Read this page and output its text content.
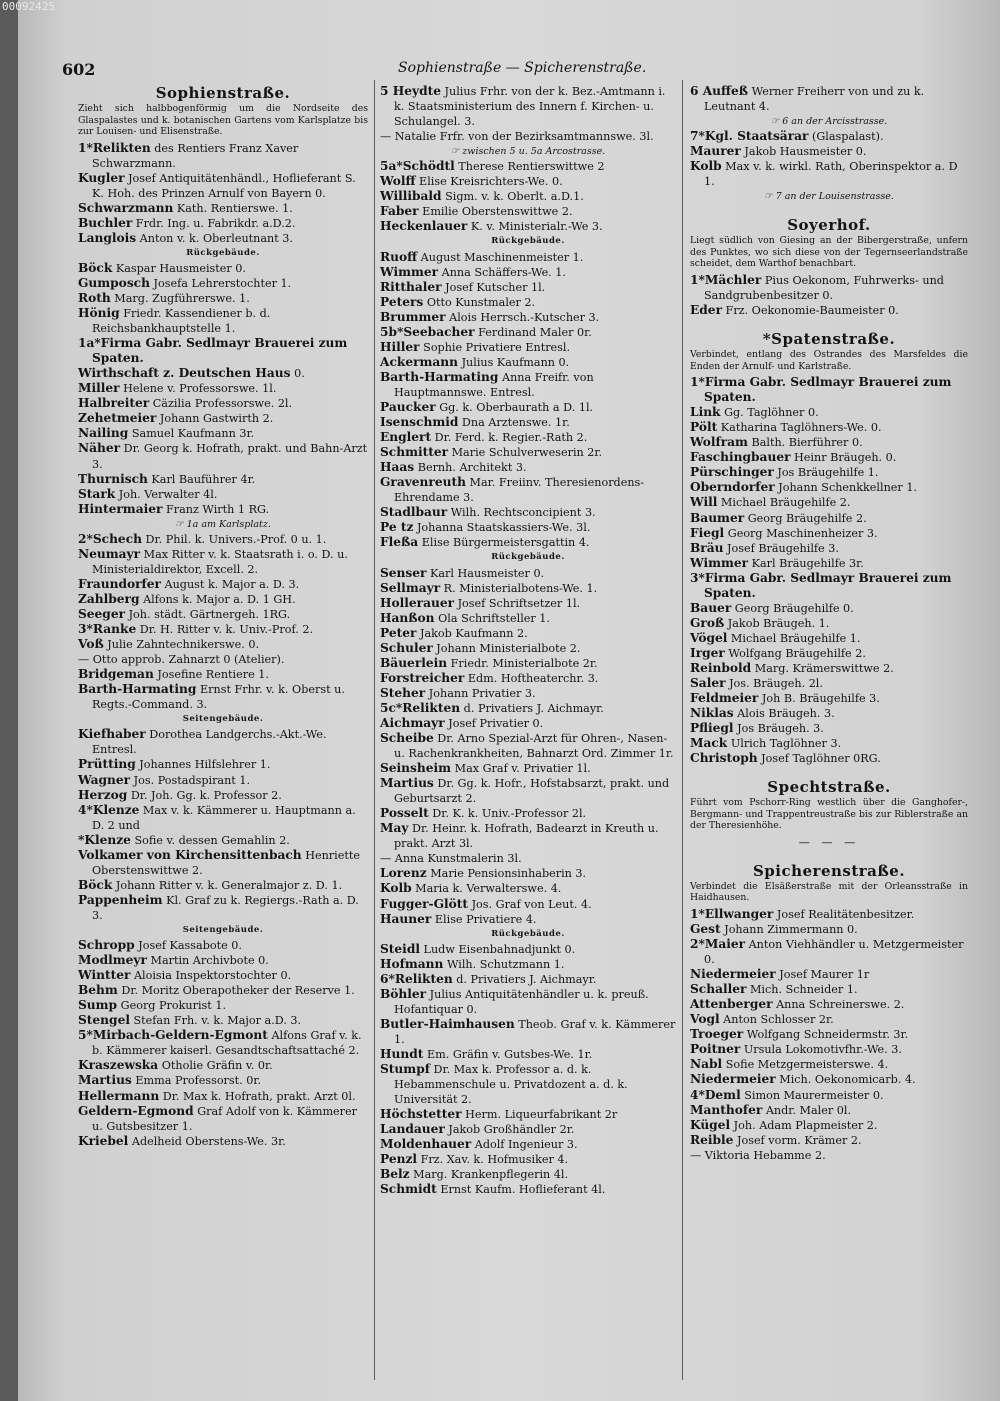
602	Sophienstraße — Spicherenstraße.
Sophienstraße.
Zieht sich halbbogenförmig um die Nordseite des Glaspalastes und k. botanischen Gartens vom Karlsplatze bis zur Louisen- und Elisenstraße.
1*Relikten des Rentiers Franz Xaver Schwarzmann.
Kugler Josef Antiquitätenhändl., Hoflieferant S. K. Hoh. des Prinzen Arnulf von Bayern 0.
Schwarzmann Kath. Rentierswe. 1.
Buchler Frdr. Ing. u. Fabrikdr. a.D.2.
Langlois Anton v. k. Oberleutnant 3.
Rückgebäude.
Böck Kaspar Hausmeister 0.
Gumposch Josefa Lehrerstochter 1.
Roth Marg. Zugführerswe. 1.
Hönig Friedr. Kassendiener b. d. Reichsbankhauptstelle 1.
1a*Firma Gabr. Sedlmayr Brauerei zum Spaten.
Wirthschaft z. Deutschen Haus 0.
Miller Helene v. Professorswe. 1l.
Halbreiter Cäzilia Professorswe. 2l.
Zehetmeier Johann Gastwirth 2.
Nailing Samuel Kaufmann 3r.
Näher Dr. Georg k. Hofrath, prakt. und Bahn-Arzt 3.
Thurnisch Karl Bauführer 4r.
Stark Joh. Verwalter 4l.
Hintermaier Franz Wirth 1 RG.
☞ 1a am Karlsplatz.
2*Schech Dr. Phil. k. Univers.-Prof. 0 u. 1.
Neumayr Max Ritter v. k. Staatsrath i. o. D. u. Ministerialdirektor, Excell. 2.
Fraundorfer August k. Major a. D. 3.
Zahlberg Alfons k. Major a. D. 1 GH.
Seeger Joh. städt. Gärtnergeh. 1RG.
3*Ranke Dr. H. Ritter v. k. Univ.-Prof. 2.
Voß Julie Zahntechnikerswe. 0.
— Otto approb. Zahnarzt 0 (Atelier).
Bridgeman Josefine Rentiere 1.
Barth-Harmating Ernst Frhr. v. k. Oberst u. Regts.-Command. 3.
Seitengebäude.
Kiefhaber Dorothea Landgerchs.-Akt.-We. Entresl.
Prütting Johannes Hilfslehrer 1.
Wagner Jos. Postadspirant 1.
Herzog Dr. Joh. Gg. k. Professor 2.
4*Klenze Max v. k. Kämmerer u. Hauptmann a. D. 2 und
*Klenze Sofie v. dessen Gemahlin 2.
Volkamer von Kirchensittenbach Henriette Oberstenswittwe 2.
Böck Johann Ritter v. k. Generalmajor z. D. 1.
Pappenheim Kl. Graf zu k. Regiergs.-Rath a. D. 3.
Seitengebäude.
Schropp Josef Kassabote 0.
Modlmeyr Martin Archivbote 0.
Wintter Aloisia Inspektorstochter 0.
Behm Dr. Moritz Oberapotheker der Reserve 1.
Sump Georg Prokurist 1.
Stengel Stefan Frh. v. k. Major a.D. 3.
5*Mirbach-Geldern-Egmont Alfons Graf v. k. b. Kämmerer kaiserl. Gesandtschaftsattaché 2.
Kraszewska Otholie Gräfin v. 0r.
Martius Emma Professorst. 0r.
Hellermann Dr. Max k. Hofrath, prakt. Arzt 0l.
Geldern-Egmond Graf Adolf von k. Kämmerer u. Gutsbesitzer 1.
Kriebel Adelheid Oberstens-We. 3r.
5 Heydte Julius Frhr. von der k. Bez.-Amtmann i. k. Staatsministerium des Innern f. Kirchen- u. Schulangel. 3.
— Natalie Frfr. von der Bezirksamtmannswe. 3l.
☞ zwischen 5 u. 5a Arcostrasse.
5a*Schödtl Therese Rentierswittwe 2
Wolff Elise Kreisrichters-We. 0.
Willibald Sigm. v. k. Oberlt. a.D.1.
Faber Emilie Oberstenswittwe 2.
Heckenlauer K. v. Ministerialr.-We 3.
Rückgebäude.
Ruoff August Maschinenmeister 1.
Wimmer Anna Schäffers-We. 1.
Ritthaler Josef Kutscher 1l.
Peters Otto Kunstmaler 2.
Brummer Alois Herrsch.-Kutscher 3.
5b*Seebacher Ferdinand Maler 0r.
Hiller Sophie Privatiere Entresl.
Ackermann Julius Kaufmann 0.
Barth-Harmating Anna Freifr. von Hauptmannswe. Entresl.
Paucker Gg. k. Oberbaurath a D. 1l.
Isenschmid Dna Arztenswe. 1r.
Englert Dr. Ferd. k. Regier.-Rath 2.
Schmitter Marie Schulverweserin 2r.
Haas Bernh. Architekt 3.
Gravenreuth Mar. Freiinv. Theresienordens-Ehrendame 3.
Stadlbaur Wilh. Rechtsconcipient 3.
Pe tz Johanna Staatskassiers-We. 3l.
Fleßa Elise Bürgermeistersgattin 4.
Rückgebäude.
Senser Karl Hausmeister 0.
Sellmayr R. Ministerialbotens-We. 1.
Hollerauer Josef Schriftsetzer 1l.
Hanßon Ola Schriftsteller 1.
Peter Jakob Kaufmann 2.
Schuler Johann Ministerialbote 2.
Bäuerlein Friedr. Ministerialbote 2r.
Forstreicher Edm. Hoftheaterchr. 3.
Steher Johann Privatier 3.
5c*Relikten d. Privatiers J. Aichmayr.
Aichmayr Josef Privatier 0.
Scheibe Dr. Arno Spezial-Arzt für Ohren-, Nasen- u. Rachenkrankheiten, Bahnarzt Ord. Zimmer 1r.
Seinsheim Max Graf v. Privatier 1l.
Martius Dr. Gg. k. Hofr., Hofstabsarzt, prakt. und Geburtsarzt 2.
Posselt Dr. K. k. Univ.-Professor 2l.
May Dr. Heinr. k. Hofrath, Badearzt in Kreuth u. prakt. Arzt 3l.
— Anna Kunstmalerin 3l.
Lorenz Marie Pensionsinhaberin 3.
Kolb Maria k. Verwalterswe. 4.
Fugger-Glött Jos. Graf von Leut. 4.
Hauner Elise Privatiere 4.
Rückgebäude.
Steidl Ludw Eisenbahnadjunkt 0.
Hofmann Wilh. Schutzmann 1.
6*Relikten d. Privatiers J. Aichmayr.
Böhler Julius Antiquitätenhändler u. k. preuß. Hofantiquar 0.
Butler-Haimhausen Theob. Graf v. k. Kämmerer 1.
Hundt Em. Gräfin v. Gutsbes-We. 1r.
Stumpf Dr. Max k. Professor a. d. k. Hebammenschule u. Privatdozent a. d. k. Universität 2.
Höchstetter Herm. Liqueurfabrikant 2r
Landauer Jakob Großhändler 2r.
Moldenhauer Adolf Ingenieur 3.
Penzl Frz. Xav. k. Hofmusiker 4.
Belz Marg. Krankenpflegerin 4l.
Schmidt Ernst Kaufm. Hoflieferant 4l.
6 Auffeß Werner Freiherr von und zu k. Leutnant 4.
☞ 6 an der Arcisstrasse.
7*Kgl. Staatsärar (Glaspalast).
Maurer Jakob Hausmeister 0.
Kolb Max v. k. wirkl. Rath, Oberinspektor a. D 1.
☞ 7 an der Louisenstrasse.
Soyerhof.
Liegt südlich von Giesing an der Bibergerstraße, unfern des Punktes, wo sich diese von der Tegernseerlandstraße scheidet, dem Warthof benachbart.
1*Mächler Pius Oekonom, Fuhrwerks- und Sandgrubenbesitzer 0.
Eder Frz. Oekonomie-Baumeister 0.
*Spatenstraße.
Verbindet, entlang des Ostrandes des Marsfeldes die Enden der Arnulf- und Karlstraße.
1*Firma Gabr. Sedlmayr Brauerei zum Spaten.
Link Gg. Taglöhner 0.
Pölt Katharina Taglöhners-We. 0.
Wolfram Balth. Bierführer 0.
Faschingbauer Heinr Bräugeh. 0.
Pürschinger Jos Bräugehilfe 1.
Oberndorfer Johann Schenkkellner 1.
Will Michael Bräugehilfe 2.
Baumer Georg Bräugehilfe 2.
Fiegl Georg Maschinenheizer 3.
Bräu Josef Bräugehilfe 3.
Wimmer Karl Bräugehilfe 3r.
3*Firma Gabr. Sedlmayr Brauerei zum Spaten.
Bauer Georg Bräugehilfe 0.
Groß Jakob Bräugeh. 1.
Vögel Michael Bräugehilfe 1.
Irger Wolfgang Bräugehilfe 2.
Reinbold Marg. Krämerswittwe 2.
Saler Jos. Bräugeh. 2l.
Feldmeier Joh B. Bräugehilfe 3.
Niklas Alois Bräugeh. 3.
Pfliegl Jos Bräugeh. 3.
Mack Ulrich Taglöhner 3.
Christoph Josef Taglöhner 0RG.
Spechtstraße.
Führt vom Pschorr-Ring westlich über die Ganghofer-, Bergmann- und Trappentreustraße bis zur Riblerstraße an der Theresienhöhe.
— — —
Spicherenstraße.
Verbindet die Elsäßerstraße mit der Orleansstraße in Haidhausen.
1*Ellwanger Josef Realitätenbesitzer.
Gest Johann Zimmermann 0.
2*Maier Anton Viehhändler u. Metzgermeister 0.
Niedermeier Josef Maurer 1r
Schaller Mich. Schneider 1.
Attenberger Anna Schreinerswe. 2.
Vogl Anton Schlosser 2r.
Troeger Wolfgang Schneidermstr. 3r.
Poitner Ursula Lokomotivfhr.-We. 3.
Nabl Sofie Metzgermeisterswe. 4.
Niedermeier Mich. Oekonomicarb. 4.
4*Deml Simon Maurermeister 0.
Manthofer Andr. Maler 0l.
Kügel Joh. Adam Plapmeister 2.
Reible Josef vorm. Krämer 2.
— Viktoria Hebamme 2.
00092425
